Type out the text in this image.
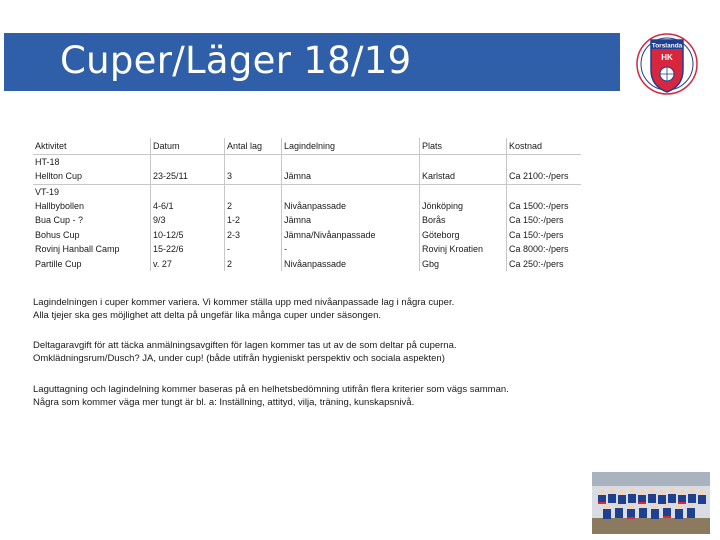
Cuper/Läger 18/19	Torslanda
HK
Aktivitet	Datum	Antal lag	Lagindelning	Plats	Kostnad
HT-18					
Hellton Cup	23-25/11	3	Jämna	Karlstad	Ca 2100:-/pers
VT-19					
Hallbybollen	4-6/1	2	Nivåanpassade	Jönköping	Ca 1500:-/pers
Bua Cup - ?	9/3	1-2	Jämna	Borås	Ca 150:-/pers
Bohus Cup	10-12/5	2-3	Jämna/Nivåanpassade	Göteborg	Ca 150:-/pers
Rovinj Hanball Camp	15-22/6	-	-	Rovinj Kroatien	Ca 8000:-/pers
Partille Cup	v. 27	2	Nivåanpassade	Gbg	Ca 250:-/pers

Lagindelningen i cuper kommer variera. Vi kommer ställa upp med nivåanpassade lag i några cuper.

Alla tjejer ska ges möjlighet att delta på ungefär lika många cuper under säsongen.

Deltagaravgift för att täcka anmälningsavgiften för lagen kommer tas ut av de som deltar på cuperna.

Omklädningsrum/Dusch? JA, under cup! (både utifrån hygieniskt perspektiv och sociala aspekten)

Laguttagning och lagindelning kommer baseras på en helhetsbedömning utifrån flera kriterier som vägs samman.

Några som kommer väga mer tungt är bl. a: Inställning, attityd, vilja, träning, kunskapsnivå.
